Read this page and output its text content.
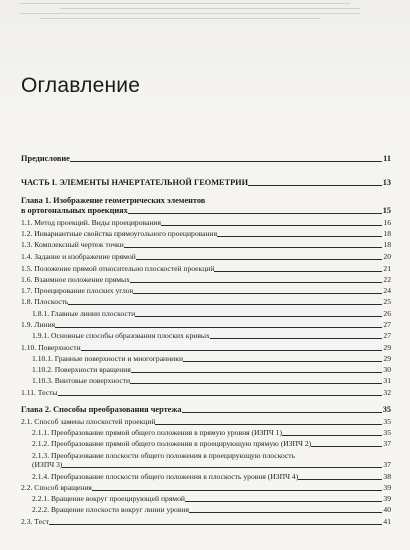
Оглавление
Предисловие	11
ЧАСТЬ I. ЭЛЕМЕНТЫ НАЧЕРТАТЕЛЬНОЙ ГЕОМЕТРИИ	13
Глава 1. Изображение геометрических элементов
в ортогональных проекциях	15
1.1. Метод проекций. Виды проецирования	16
1.2. Инвариантные свойства прямоугольного проецирования	18
1.3. Комплексный чертеж точки	18
1.4. Задание и изображение прямой	20
1.5. Положение прямой относительно плоскостей проекций	21
1.6. Взаимное положение прямых	22
1.7. Проецирование плоских углов	24
1.8. Плоскость	25
1.8.1. Главные линии плоскости	26
1.9. Линия	27
1.9.1. Основные способы образования плоских кривых	27
1.10. Поверхности	29
1.10.1. Гранные поверхности и многогранники	29
1.10.2. Поверхности вращения	30
1.10.3. Винтовые поверхности	31
1.11. Тесты	32
Глава 2. Способы преобразования чертежа	35
2.1. Способ замены плоскостей проекций	35
2.1.1. Преобразование прямой общего положения в прямую уровня (ИЗПЧ 1)	35
2.1.2. Преобразование прямой общего положения в проецирующую прямую (ИЗПЧ 2)	37
2.1.3. Преобразование плоскости общего положения в проецирующую плоскость
(ИЗПЧ 3)	37
2.1.4. Преобразование плоскости общего положения в плоскость уровня (ИЗПЧ 4)	38
2.2. Способ вращения	39
2.2.1. Вращение вокруг проецирующей прямой	39
2.2.2. Вращение плоскости вокруг линии уровня	40
2.3. Тест	41
